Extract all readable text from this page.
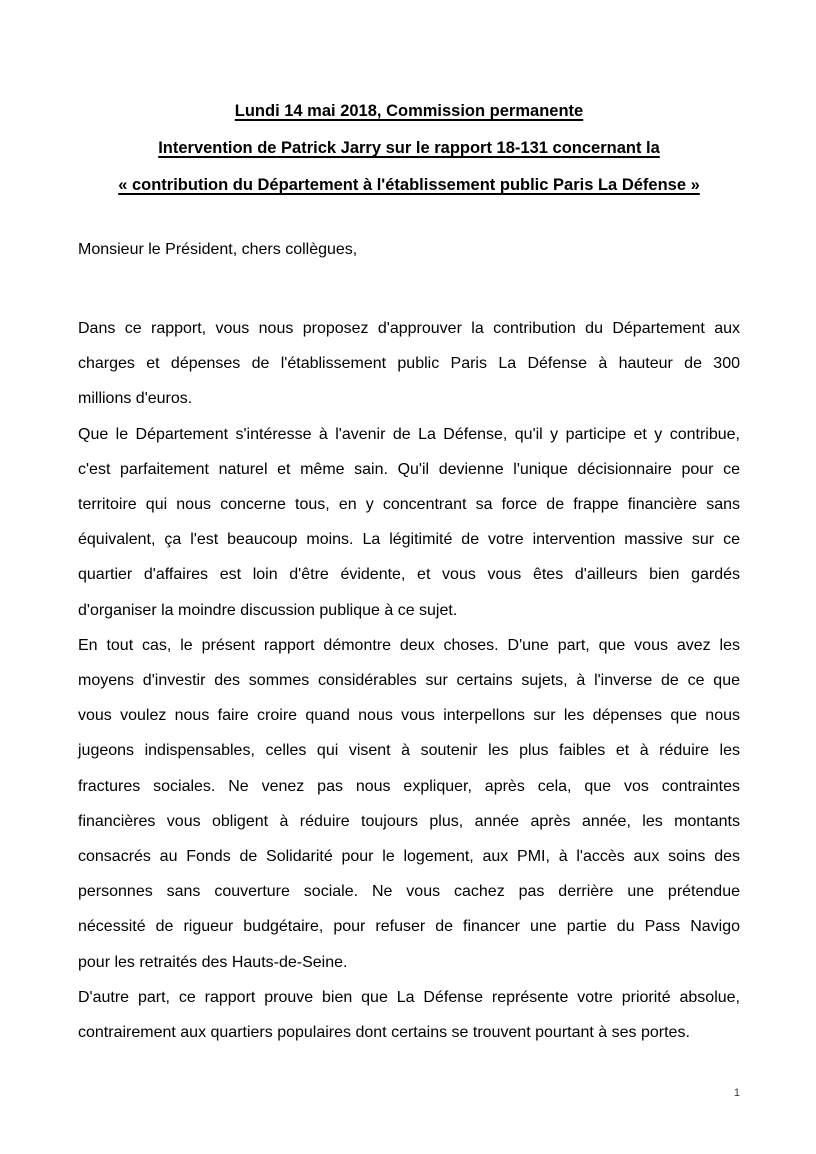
Lundi 14 mai 2018, Commission permanente
Intervention de Patrick Jarry sur le rapport 18-131 concernant la
« contribution du Département à l'établissement public Paris La Défense »

Monsieur le Président, chers collègues,

Dans ce rapport, vous nous proposez d'approuver la contribution du Département aux
charges et dépenses de l'établissement public Paris La Défense à hauteur de 300
millions d'euros.
Que le Département s'intéresse à l'avenir de La Défense, qu'il y participe et y contribue,
c'est parfaitement naturel et même sain. Qu'il devienne l'unique décisionnaire pour ce
territoire qui nous concerne tous, en y concentrant sa force de frappe financière sans
équivalent, ça l'est beaucoup moins. La légitimité de votre intervention massive sur ce
quartier d'affaires est loin d'être évidente, et vous vous êtes d'ailleurs bien gardés
d'organiser la moindre discussion publique à ce sujet.
En tout cas, le présent rapport démontre deux choses. D'une part, que vous avez les
moyens d'investir des sommes considérables sur certains sujets, à l'inverse de ce que
vous voulez nous faire croire quand nous vous interpellons sur les dépenses que nous
jugeons indispensables, celles qui visent à soutenir les plus faibles et à réduire les
fractures sociales. Ne venez pas nous expliquer, après cela, que vos contraintes
financières vous obligent à réduire toujours plus, année après année, les montants
consacrés au Fonds de Solidarité pour le logement, aux PMI, à l'accès aux soins des
personnes sans couverture sociale. Ne vous cachez pas derrière une prétendue
nécessité de rigueur budgétaire, pour refuser de financer une partie du Pass Navigo
pour les retraités des Hauts-de-Seine.
D'autre part, ce rapport prouve bien que La Défense représente votre priorité absolue,
contrairement aux quartiers populaires dont certains se trouvent pourtant à ses portes.
1
